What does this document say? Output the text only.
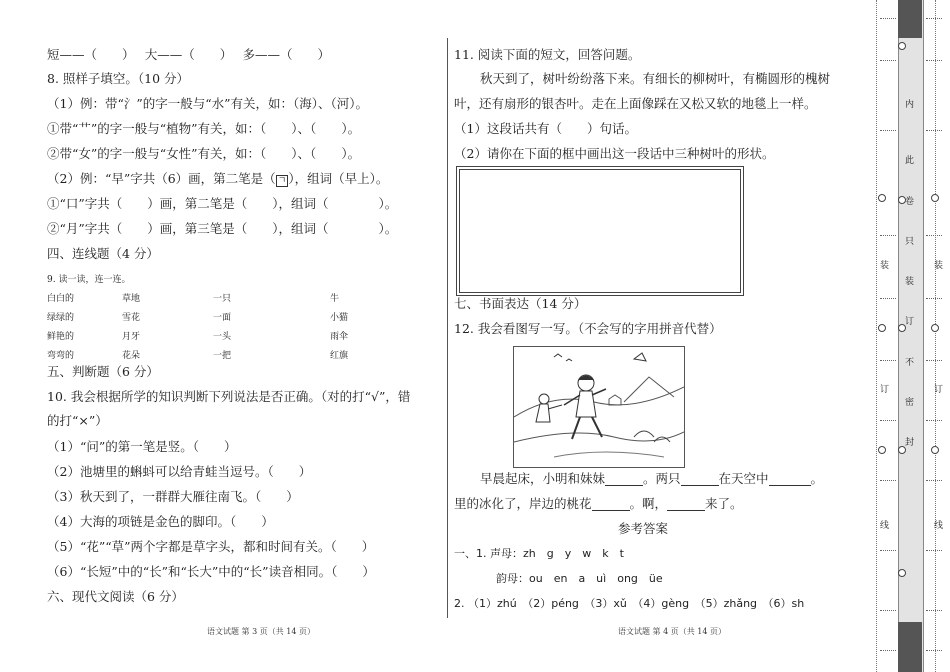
短——（　　）　 大——（　　）　 多——（　　）
8. 照样子填空。（10 分）
（1）例：带“氵”的字一般与“水”有关，如：（海）、（河）。
①带“艹”的字一般与“植物”有关，如：（　　）、（　　）。
②带“女”的字一般与“女性”有关，如：（　　）、（　　）。
（2）例：“早”字共（6）画，第二笔是（ ㄱ ），组词（早上）。
①“口”字共（　　）画，第二笔是（　　），组词（　　　　）。
②“月”字共（　　）画，第三笔是（　　），组词（　　　　）。
四、连线题（4 分）
9. 读一读，连一连。
白白的	草地	一只	牛
绿绿的	雪花	一面	小猫
鲜艳的	月牙	一头	雨伞
弯弯的	花朵	一把	红旗
五、判断题（6 分）
10. 我会根据所学的知识判断下列说法是否正确。（对的打“√”，错
的打“×”）
（1）“问”的第一笔是竖。（　　）
（2）池塘里的蝌蚪可以给青蛙当逗号。（　　）
（3）秋天到了，一群群大雁往南飞。（　　）
（4）大海的项链是金色的脚印。（　　）
（5）“花”“草”两个字都是草字头，都和时间有关。（　　）
（6）“长短”中的“长”和“长大”中的“长”读音相同。（　　）
六、现代文阅读（6 分）
语文试题 第 3 页（共 14 页）
11. 阅读下面的短文，回答问题。
秋天到了，树叶纷纷落下来。有细长的柳树叶，有椭圆形的槐树
叶，还有扇形的银杏叶。走在上面像踩在又松又软的地毯上一样。
（1）这段话共有（　　）句话。
（2）请你在下面的框中画出这一段话中三种树叶的形状。
七、书面表达（14 分）
12. 我会看图写一写。（不会写的字用拼音代替）
早晨起床，小明和妹妹	。两只	在天空中	。
里的冰化了，岸边的桃花	。啊，	来了。
参考答案
一、1. 声母：zh　g　y　w　k　t
韵母：ou　en　a　uì　ong　üe
2. （1）zhú　（2）péng　（3）xǔ　（4）gèng　（5）zhǎng　（6）sh
语文试题 第 4 页（共 14 页）
内
此
卷
只
装
订
不
密
封
装
订
线
装
订
线
